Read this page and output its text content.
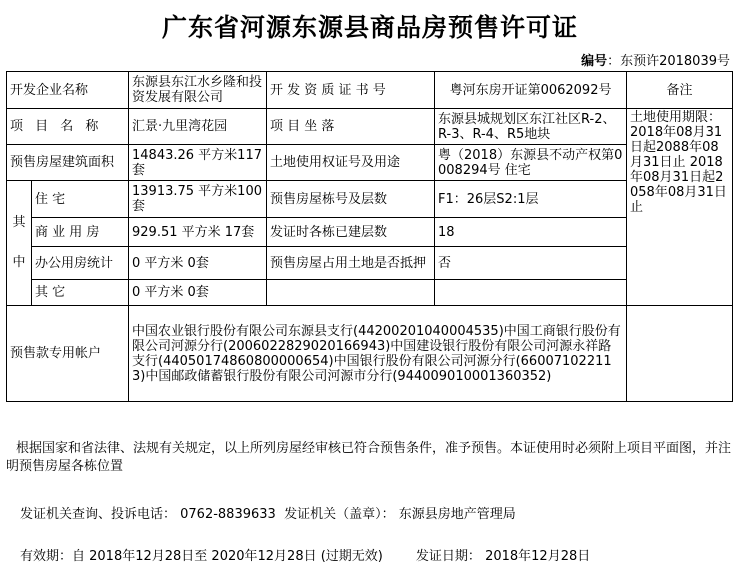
广东省河源东源县商品房预售许可证
编号：东预许2018039号
开发企业名称		东源县东江水乡隆和投资发展有限公司	开 发 资 质 证 书 号	粤河东房开证第0062092号	备注
项 目 名 称		汇景·九里湾花园	项 目 坐 落	东源县城规划区东江社区R-2、R-3、R-4、R5地块	土地使用期限：2018年08月31日起2088年08月31日止 2018年08月31日起2058年08月31日止
预售房屋建筑面积		14843.26 平方米117套	土地使用权证号及用途	粤（2018）东源县不动产权第0008294号 住宅	
其
中	住 宅	13913.75 平方米100套	预售房屋栋号及层数	F1：26层S2:1层	
	商 业 用 房	929.51 平方米 17套	发证时各栋已建层数	18	
	办公用房统计	0 平方米 0套	预售房屋占用土地是否抵押	否	
	其 它	0 平方米 0套			
预售款专用帐户		中国农业银行股份有限公司东源县支行(44200201040004535)中国工商银行股份有限公司河源分行(2006022829020166943)中国建设银行股份有限公司河源永祥路支行(44050174860800000654)中国银行股份有限公司河源分行(660071022113)中国邮政储蓄银行股份有限公司河源市分行(944009010001360352)			
根据国家和省法律、法规有关规定，以上所列房屋经审核已符合预售条件，准予预售。本证使用时必须附上项目平面图，并注明预售房屋各栋位置
发证机关查询、投诉电话： 0762-8839633  发证机关（盖章）： 东源县房地产管理局
有效期：自 2018年12月28日至 2020年12月28日 (过期无效)        发证日期： 2018年12月28日
